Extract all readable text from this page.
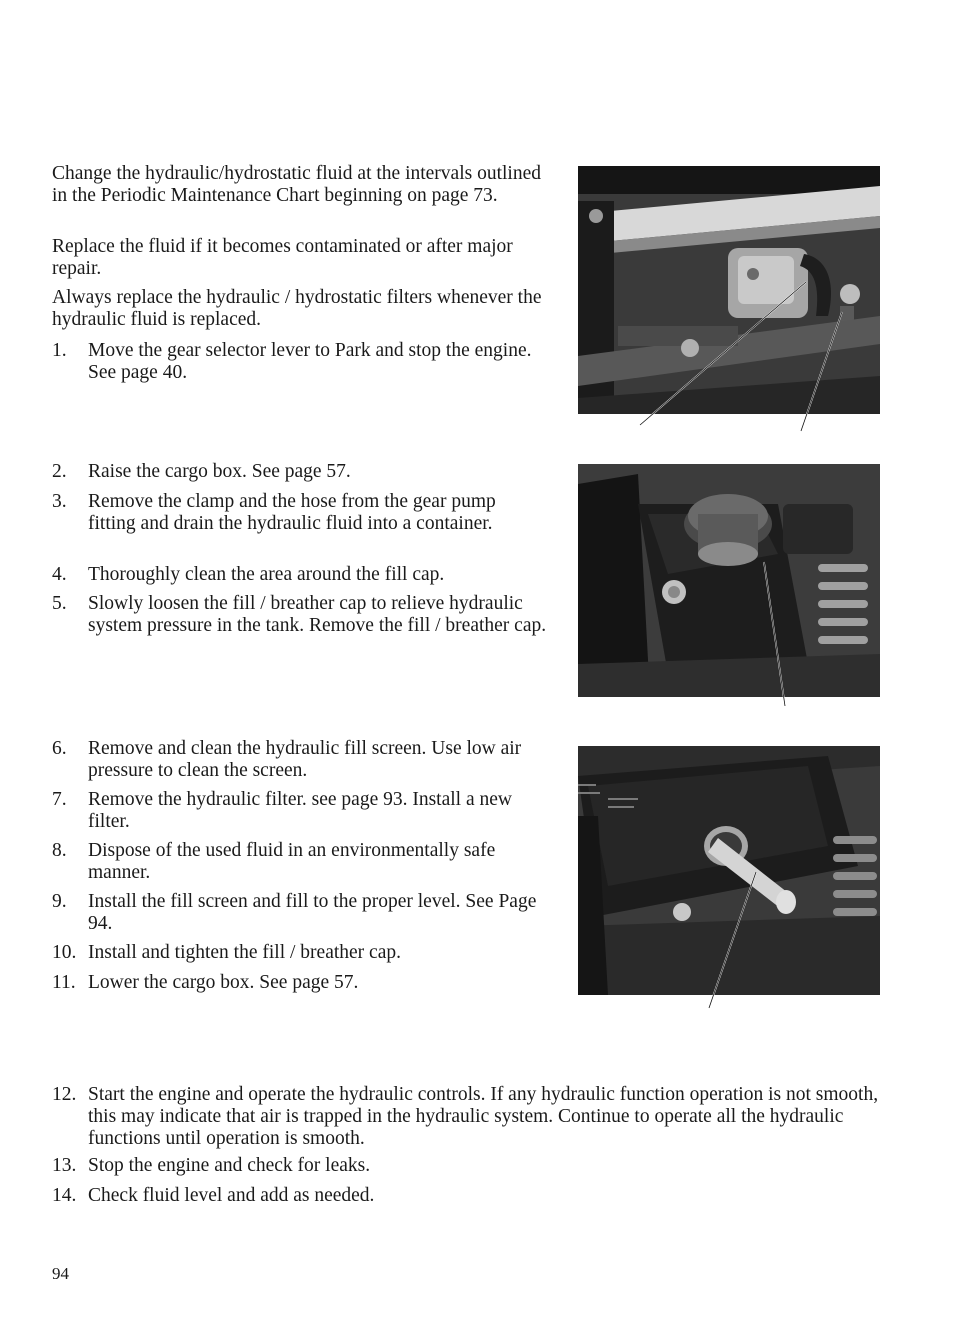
Change the hydraulic/hydrostatic fluid at the intervals outlined in the Periodic Maintenance Chart beginning on page 73.
Replace the fluid if it becomes contaminated or after major repair.
Always replace the hydraulic / hydrostatic filters whenever the hydraulic fluid is replaced.
1.	Move the gear selector lever to Park and stop the engine. See page 40.
2.	Raise the cargo box. See page 57.
3.	Remove the clamp and the hose from the gear pump fitting and drain the hydraulic fluid into a container.
4.	Thoroughly clean the area around the fill cap.
5.	Slowly loosen the fill / breather cap to relieve hydraulic system pressure in the tank. Remove the fill / breather cap.
6.	Remove and clean the hydraulic fill screen. Use low air pressure to clean the screen.
7.	Remove the hydraulic filter. see page 93. Install a new filter.
8.	Dispose of the used fluid in an environmentally safe manner.
9.	Install the fill screen and fill to the proper level. See Page 94.
10. Install and tighten the fill / breather cap.
11. Lower the cargo box. See page 57.
12. Start the engine and operate the hydraulic controls. If any hydraulic function operation is not smooth, this may indicate that air is trapped in the hydraulic system. Continue to operate all the hydraulic functions until operation is smooth.
13. Stop the engine and check for leaks.
14. Check fluid level and add as needed.
94
